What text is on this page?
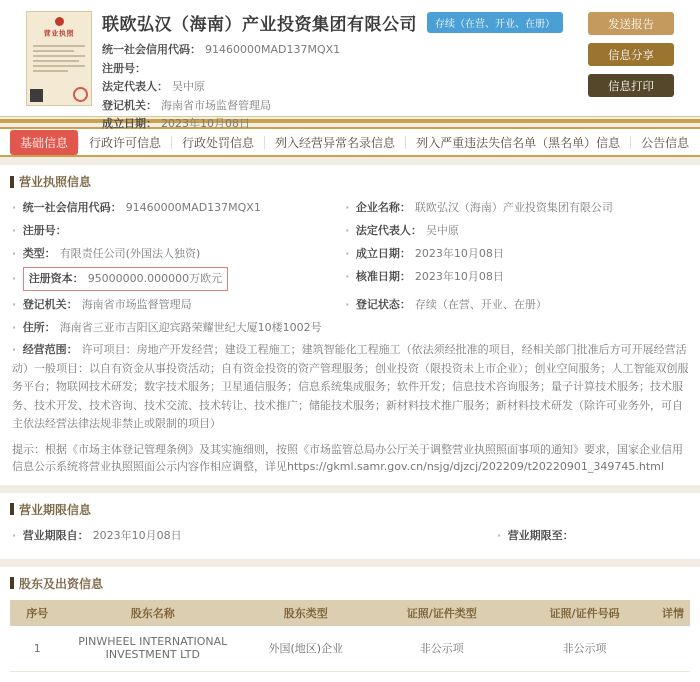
营业执照	联欧弘汉（海南）产业投资集团有限公司	存续（在营、开业、在册）
统一社会信用代码： 91460000MAD137MQX1
注册号：
法定代表人： 吴中原
登记机关： 海南省市场监督管理局
成立日期： 2023年10月08日
发送报告
信息分享
信息打印
基础信息	行政许可信息	行政处罚信息	列入经营异常名录信息	列入严重违法失信名单（黑名单）信息	公告信息
营业执照信息
· 统一社会信用代码： 91460000MAD137MQX1	· 企业名称： 联欧弘汉（海南）产业投资集团有限公司
· 注册号：	· 法定代表人： 吴中原
· 类型： 有限责任公司(外国法人独资)	· 成立日期： 2023年10月08日
· 注册资本： 95000000.000000万欧元	· 核准日期： 2023年10月08日
· 登记机关： 海南省市场监督管理局	· 登记状态： 存续（在营、开业、在册）
· 住所： 海南省三亚市吉阳区迎宾路荣耀世纪大厦10楼1002号
· 经营范围： 许可项目：房地产开发经营；建设工程施工；建筑智能化工程施工（依法须经批准的项目，经相关部门批准后方可开展经营活动）一般项目：以自有资金从事投资活动；自有资金投资的资产管理服务；创业投资（限投资未上市企业）；创业空间服务；人工智能双创服务平台；物联网技术研发；数字技术服务；卫星通信服务；信息系统集成服务；软件开发；信息技术咨询服务；量子计算技术服务；技术服务、技术开发、技术咨询、技术交流、技术转让、技术推广；储能技术服务；新材料技术推广服务；新材料技术研发（除许可业务外，可自主依法经营法律法规非禁止或限制的项目）

提示：根据《市场主体登记管理条例》及其实施细则，按照《市场监管总局办公厅关于调整营业执照照面事项的通知》要求，国家企业信用信息公示系统将营业执照照面公示内容作相应调整，详见https://gkml.samr.gov.cn/nsjg/djzcj/202209/t20220901_349745.html

营业期限信息
· 营业期限自： 2023年10月08日	· 营业期限至：
股东及出资信息
序号	股东名称	股东类型	证照/证件类型	证照/证件号码	详情
1	PINWHEEL INTERNATIONAL INVESTMENT LTD	外国(地区)企业	非公示项	非公示项	
